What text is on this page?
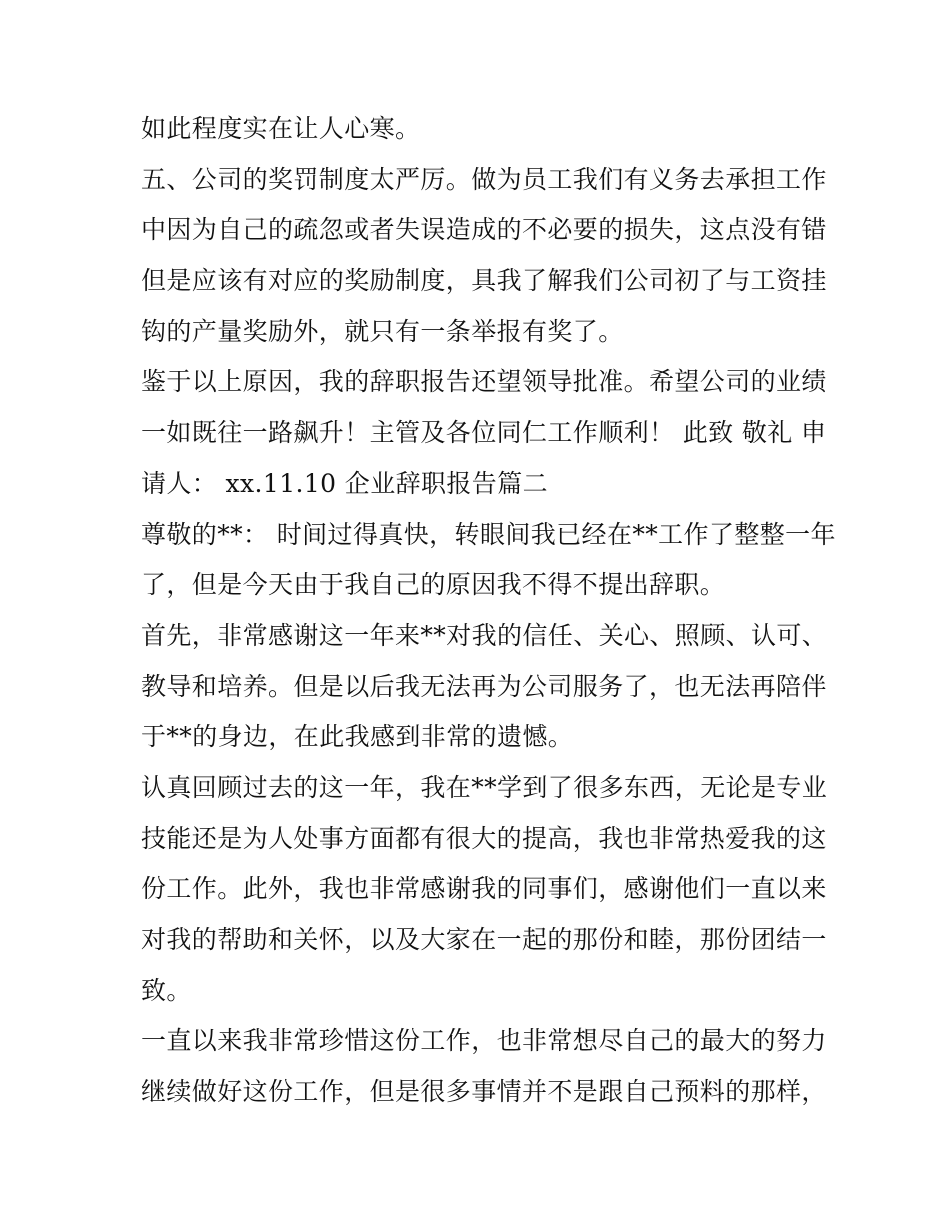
如此程度实在让人心寒。
五、公司的奖罚制度太严厉。做为员工我们有义务去承担工作
中因为自己的疏忽或者失误造成的不必要的损失，这点没有错
但是应该有对应的奖励制度，具我了解我们公司初了与工资挂
钩的产量奖励外，就只有一条举报有奖了。
鉴于以上原因，我的辞职报告还望领导批准。希望公司的业绩
一如既往一路飙升！主管及各位同仁工作顺利！ 此致 敬礼 申
请人： xx.11.10 企业辞职报告篇二
尊敬的**： 时间过得真快，转眼间我已经在**工作了整整一年
了，但是今天由于我自己的原因我不得不提出辞职。
首先，非常感谢这一年来**对我的信任、关心、照顾、认可、
教导和培养。但是以后我无法再为公司服务了，也无法再陪伴
于**的身边，在此我感到非常的遗憾。
认真回顾过去的这一年，我在**学到了很多东西，无论是专业
技能还是为人处事方面都有很大的提高，我也非常热爱我的这
份工作。此外，我也非常感谢我的同事们，感谢他们一直以来
对我的帮助和关怀，以及大家在一起的那份和睦，那份团结一
致。
一直以来我非常珍惜这份工作，也非常想尽自己的最大的努力
继续做好这份工作，但是很多事情并不是跟自己预料的那样，
